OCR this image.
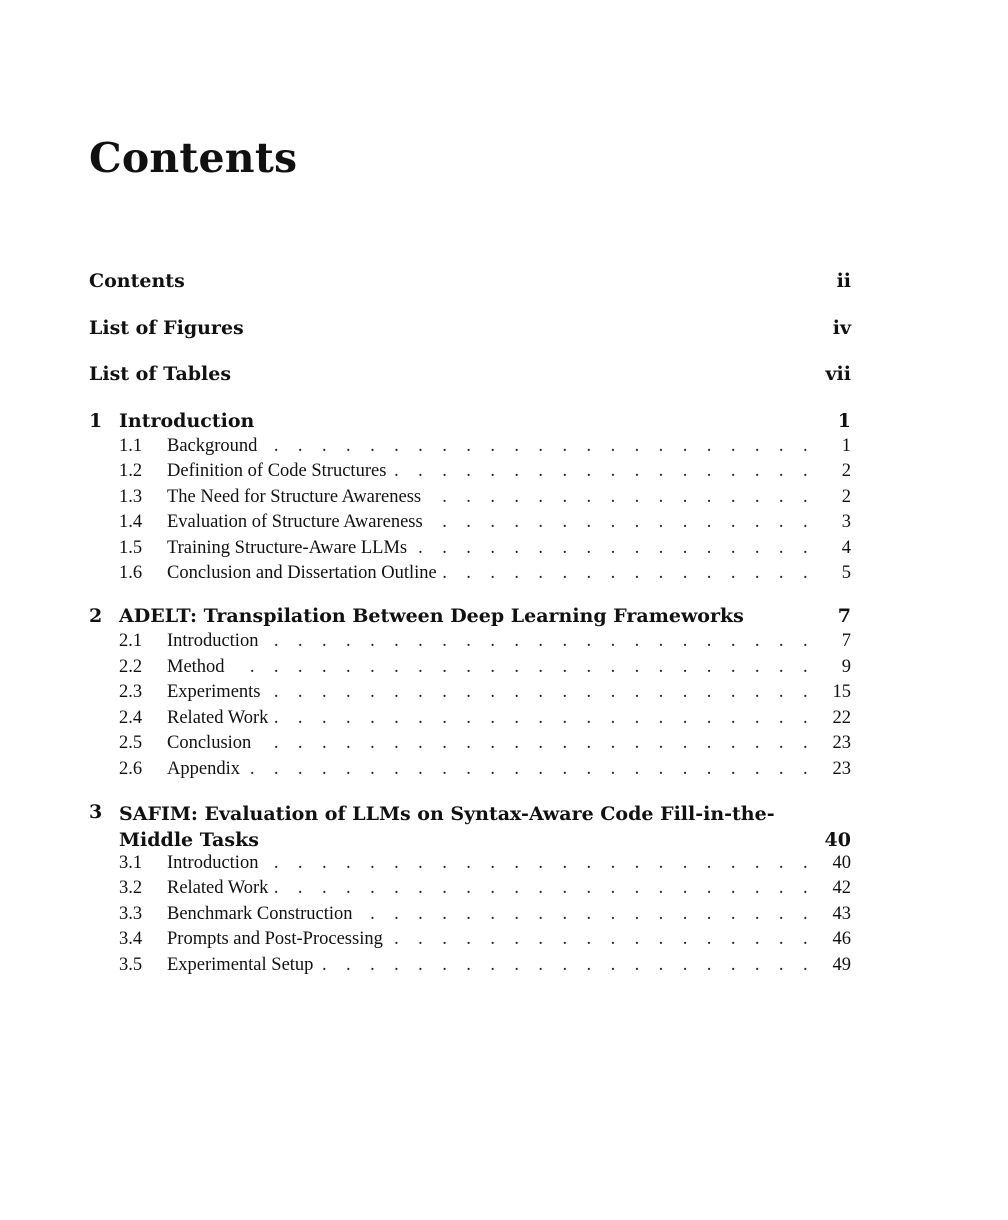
Contents
Contents	ii
List of Figures	iv
List of Tables	vii
1 Introduction	1
1.1	Background . . .	1
1.2	Definition of Code Structures . . .	2
1.3	The Need for Structure Awareness . . .	2
1.4	Evaluation of Structure Awareness . . .	3
1.5	Training Structure-Aware LLMs . . .	4
1.6	Conclusion and Dissertation Outline . . .	5
2 ADELT: Transpilation Between Deep Learning Frameworks	7
2.1	Introduction . . .	7
2.2	Method . . .	9
2.3	Experiments . . .	15
2.4	Related Work . . .	22
2.5	Conclusion . . .	23
2.6	Appendix . . .	23
3 SAFIM: Evaluation of LLMs on Syntax-Aware Code Fill-in-the-
Middle Tasks	40
3.1	Introduction . . .	40
3.2	Related Work . . .	42
3.3	Benchmark Construction . . .	43
3.4	Prompts and Post-Processing . . .	46
3.5	Experimental Setup . . .	49
